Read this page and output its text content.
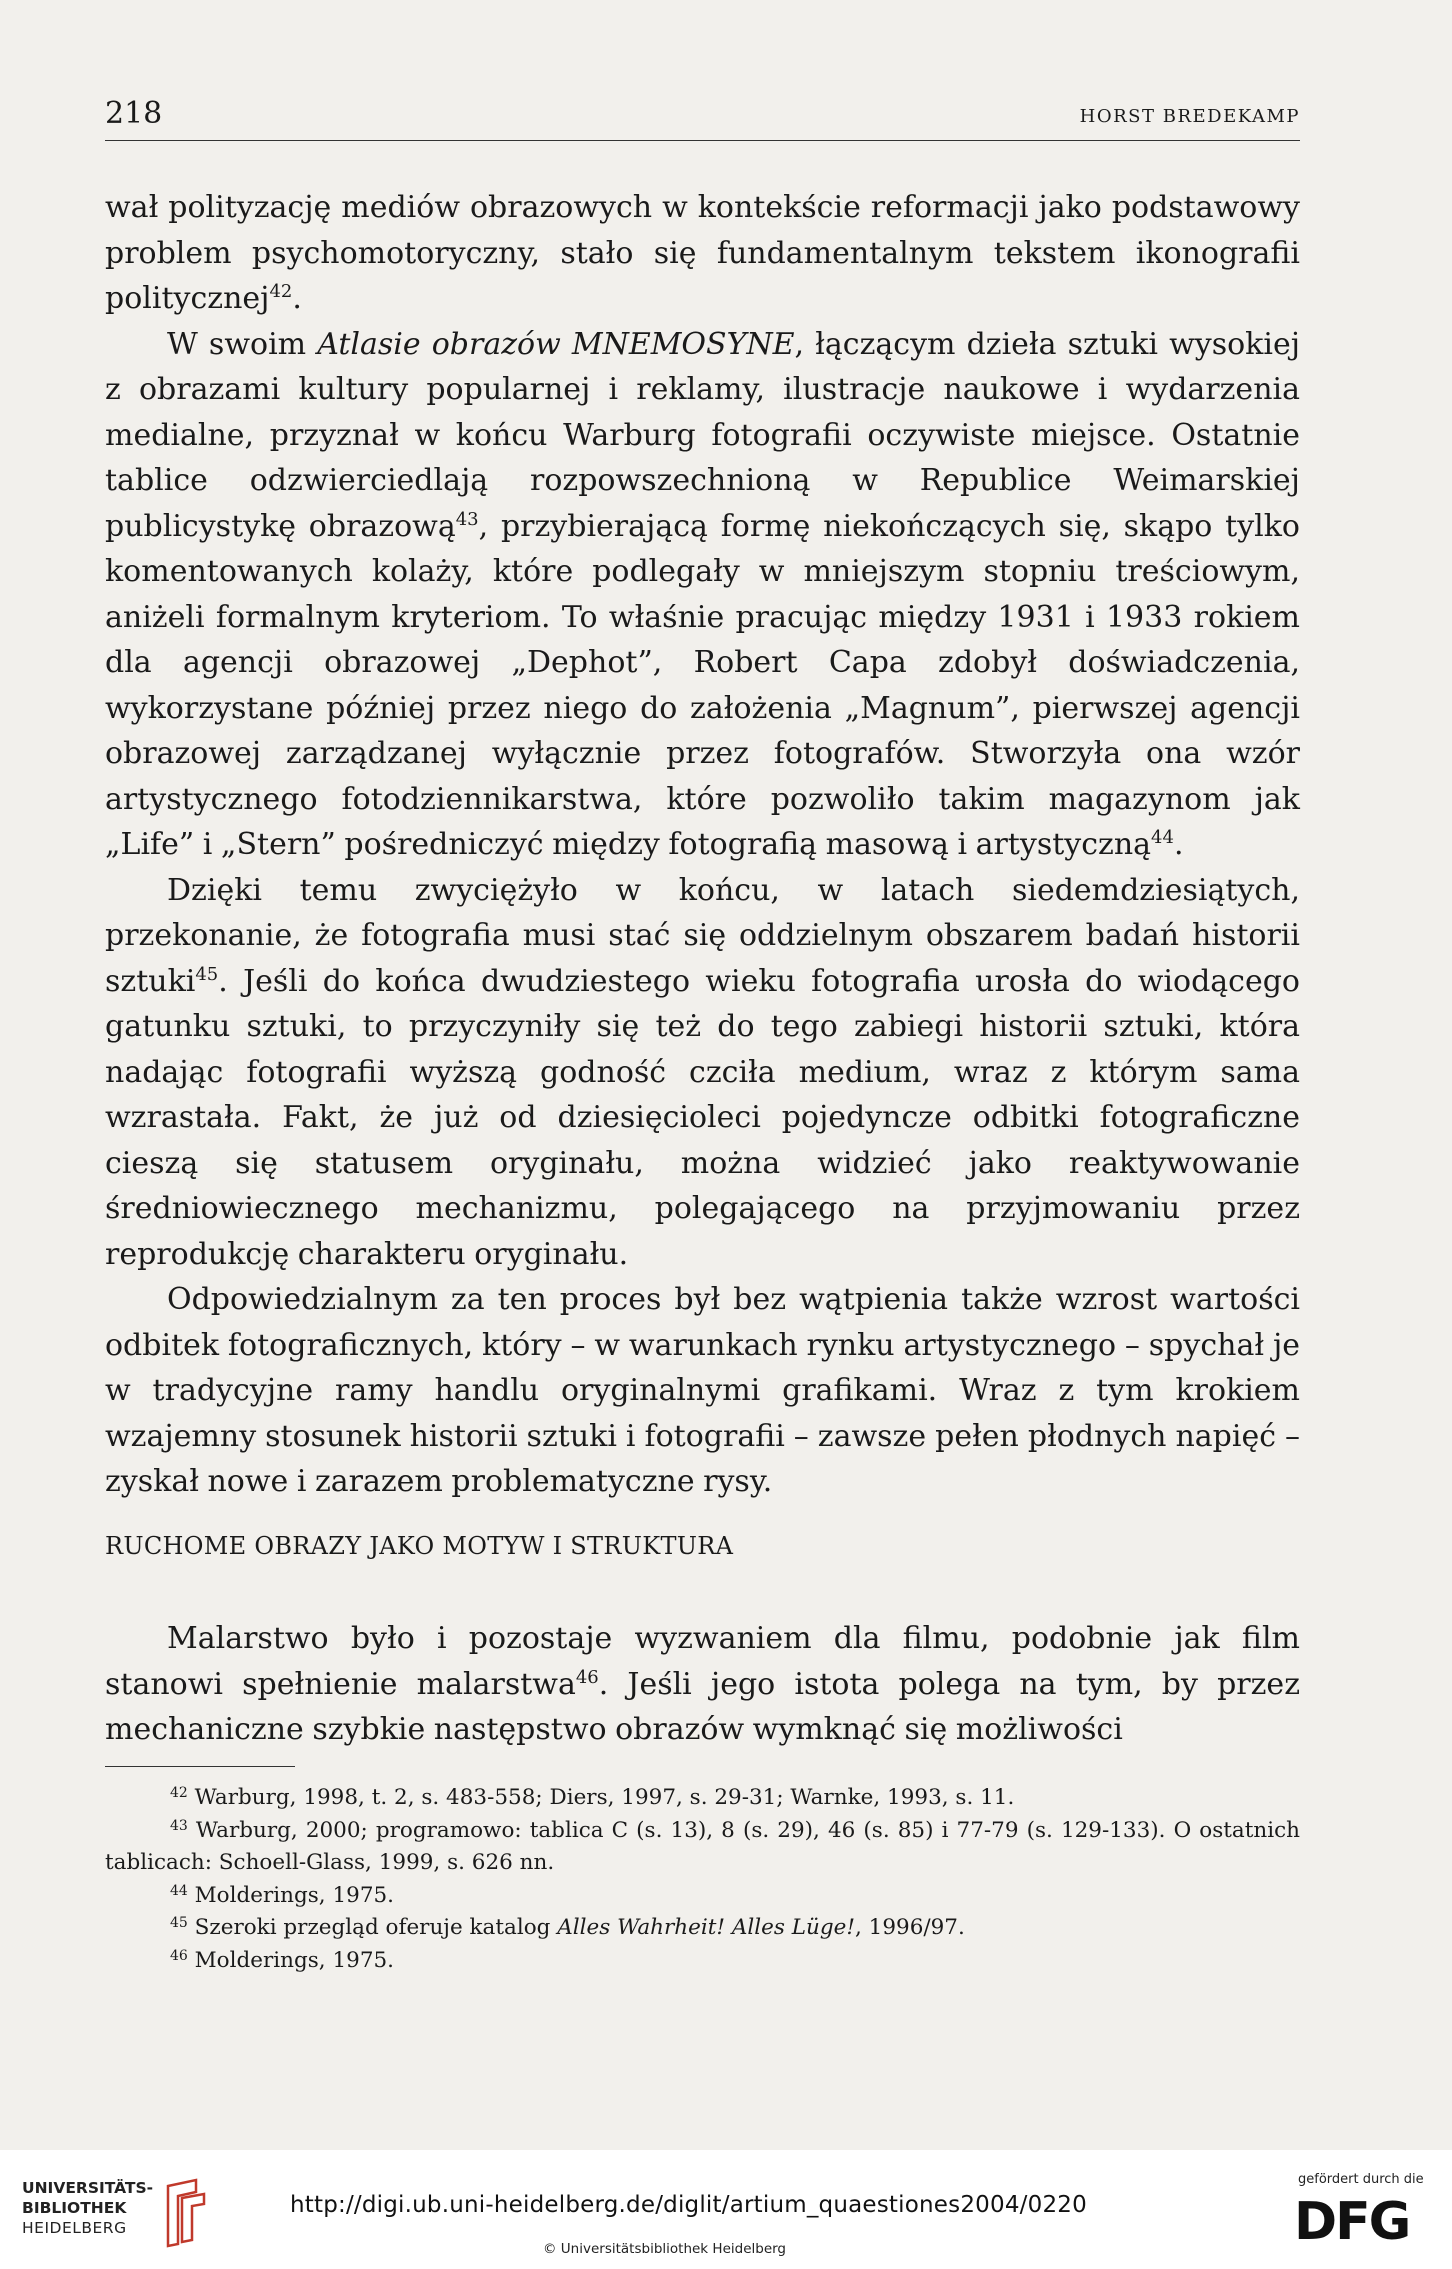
218	HORST BREDEKAMP

wał polityzację mediów obrazowych w kontekście reformacji jako podstawowy problem psychomotoryczny, stało się fundamentalnym tekstem ikonografii politycznej$^{42}$.

W swoim Atlasie obrazów MNEMOSYNE, łączącym dzieła sztuki wysokiej z obrazami kultury popularnej i reklamy, ilustracje naukowe i wydarzenia medialne, przyznał w końcu Warburg fotografii oczywiste miejsce. Ostatnie tablice odzwierciedlają rozpowszechnioną w Republice Weimarskiej publicystykę obrazową$^{43}$, przybierającą formę niekończących się, skąpo tylko komentowanych kolaży, które podlegały w mniejszym stopniu treściowym, aniżeli formalnym kryteriom. To właśnie pracując między 1931 i 1933 rokiem dla agencji obrazowej „Dephot”, Robert Capa zdobył doświadczenia, wykorzystane później przez niego do założenia „Magnum”, pierwszej agencji obrazowej zarządzanej wyłącznie przez fotografów. Stworzyła ona wzór artystycznego fotodziennikarstwa, które pozwoliło takim magazynom jak „Life” i „Stern” pośredniczyć między fotografią masową i artystyczną$^{44}$.

Dzięki temu zwyciężyło w końcu, w latach siedemdziesiątych, przekonanie, że fotografia musi stać się oddzielnym obszarem badań historii sztuki$^{45}$. Jeśli do końca dwudziestego wieku fotografia urosła do wiodącego gatunku sztuki, to przyczyniły się też do tego zabiegi historii sztuki, która nadając fotografii wyższą godność czciła medium, wraz z którym sama wzrastała. Fakt, że już od dziesięcioleci pojedyncze odbitki fotograficzne cieszą się statusem oryginału, można widzieć jako reaktywowanie średniowiecznego mechanizmu, polegającego na przyjmowaniu przez reprodukcję charakteru oryginału.

Odpowiedzialnym za ten proces był bez wątpienia także wzrost wartości odbitek fotograficznych, który – w warunkach rynku artystycznego – spychał je w tradycyjne ramy handlu oryginalnymi grafikami. Wraz z tym krokiem wzajemny stosunek historii sztuki i fotografii – zawsze pełen płodnych napięć – zyskał nowe i zarazem problematyczne rysy.

RUCHOME OBRAZY JAKO MOTYW I STRUKTURA

Malarstwo było i pozostaje wyzwaniem dla filmu, podobnie jak film stanowi spełnienie malarstwa$^{46}$. Jeśli jego istota polega na tym, by przez mechaniczne szybkie następstwo obrazów wymknąć się możliwości

$^{42}$ Warburg, 1998, t. 2, s. 483-558; Diers, 1997, s. 29-31; Warnke, 1993, s. 11.

$^{43}$ Warburg, 2000; programowo: tablica C (s. 13), 8 (s. 29), 46 (s. 85) i 77-79 (s. 129-133). O ostatnich tablicach: Schoell-Glass, 1999, s. 626 nn.

$^{44}$ Molderings, 1975.

$^{45}$ Szeroki przegląd oferuje katalog Alles Wahrheit! Alles Lüge!, 1996/97.

$^{46}$ Molderings, 1975.

UNIVERSITÄTS-
BIBLIOTHEK
HEIDELBERG
http://digi.ub.uni-heidelberg.de/diglit/artium_quaestiones2004/0220
© Universitätsbibliothek Heidelberg
gefördert durch die
DFG
